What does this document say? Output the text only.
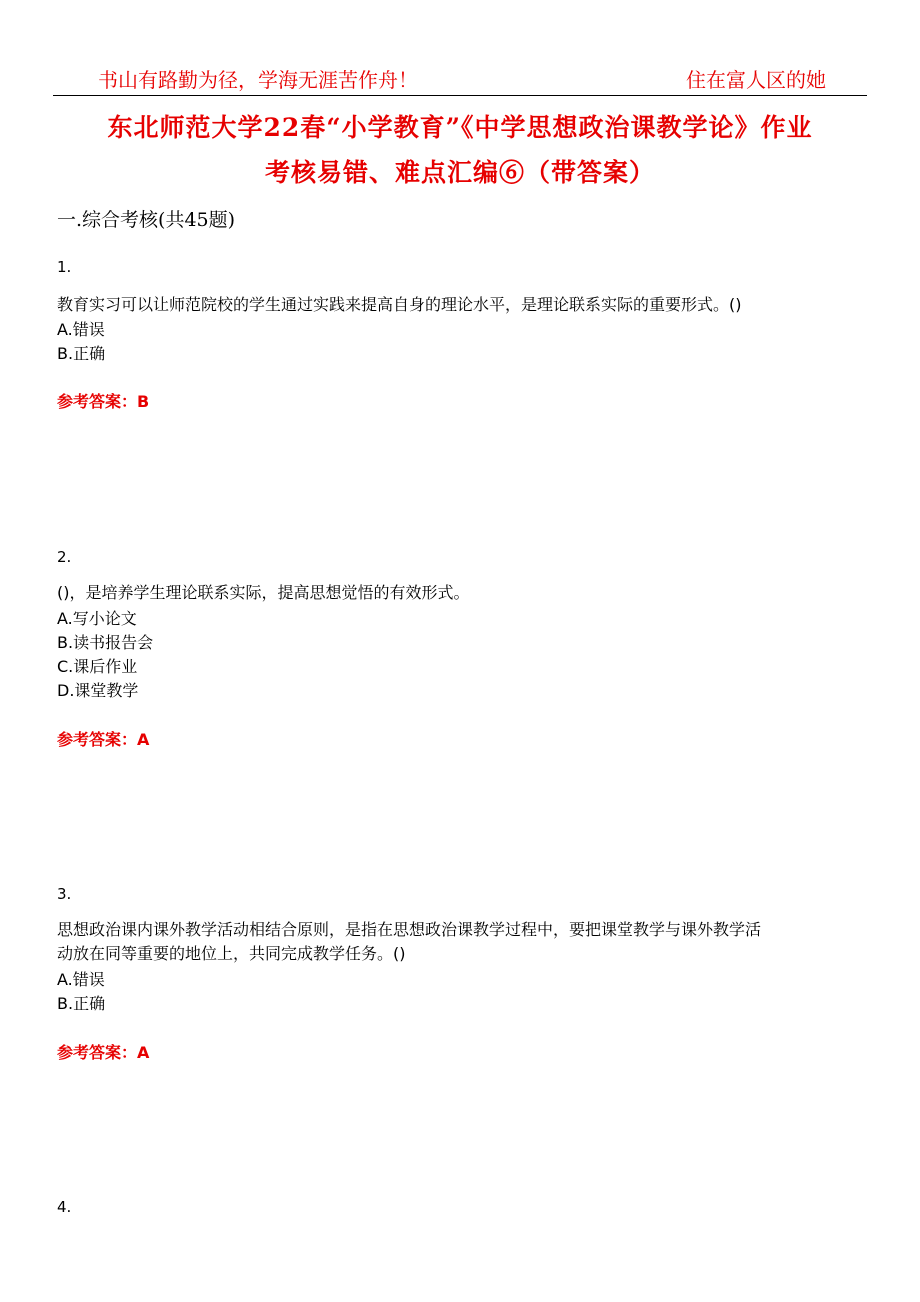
书山有路勤为径，学海无涯苦作舟！	住在富人区的她
东北师范大学22春“小学教育”《中学思想政治课教学论》作业
考核易错、难点汇编⑥（带答案）
一.综合考核(共45题)
1.
教育实习可以让师范院校的学生通过实践来提高自身的理论水平，是理论联系实际的重要形式。()
A.错误
B.正确
参考答案：B
2.
()，是培养学生理论联系实际，提高思想觉悟的有效形式。
A.写小论文
B.读书报告会
C.课后作业
D.课堂教学
参考答案：A
3.
思想政治课内课外教学活动相结合原则，是指在思想政治课教学过程中，要把课堂教学与课外教学活
动放在同等重要的地位上，共同完成教学任务。()
A.错误
B.正确
参考答案：A
4.
